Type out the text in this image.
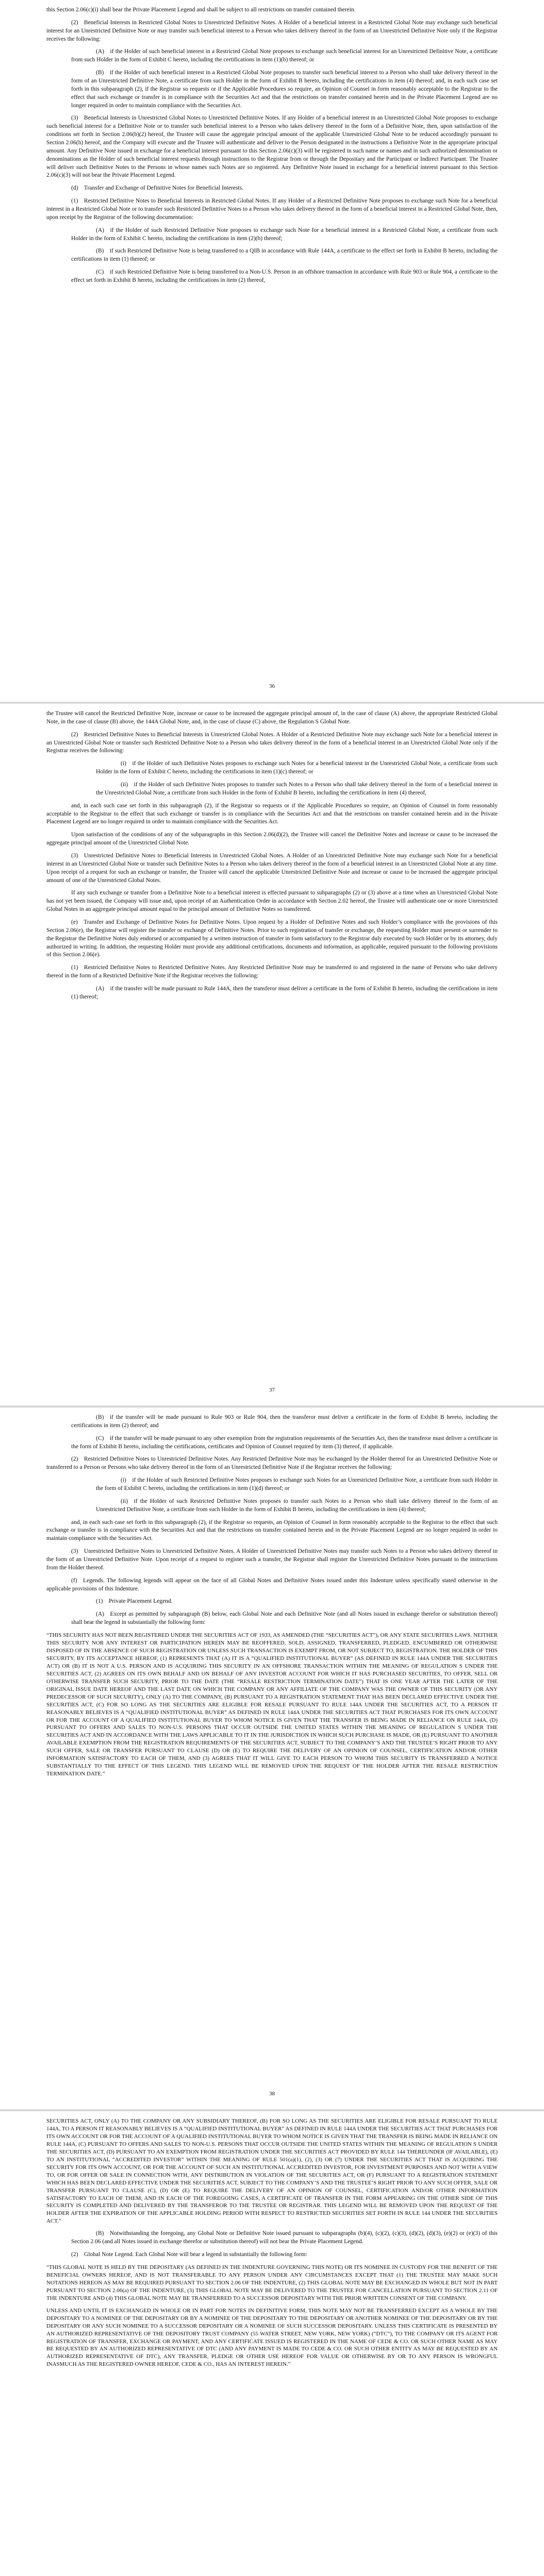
this Section 2.06(c)(i) shall bear the Private Placement Legend and shall be subject to all restrictions on transfer contained therein.

(2) Beneficial Interests in Restricted Global Notes to Unrestricted Definitive Notes. A Holder of a beneficial interest in a Restricted Global Note may exchange such beneficial interest for an Unrestricted Definitive Note or may transfer such beneficial interest to a Person who takes delivery thereof in the form of an Unrestricted Definitive Note only if the Registrar receives the following:

(A) if the Holder of such beneficial interest in a Restricted Global Note proposes to exchange such beneficial interest for an Unrestricted Definitive Note, a certificate from such Holder in the form of Exhibit C hereto, including the certifications in item (1)(b) thereof; or

(B) if the Holder of such beneficial interest in a Restricted Global Note proposes to transfer such beneficial interest to a Person who shall take delivery thereof in the form of an Unrestricted Definitive Note, a certificate from such Holder in the form of Exhibit B hereto, including the certifications in item (4) thereof; and, in each such case set forth in this subparagraph (2), if the Registrar so requests or if the Applicable Procedures so require, an Opinion of Counsel in form reasonably acceptable to the Registrar to the effect that such exchange or transfer is in compliance with the Securities Act and that the restrictions on transfer contained herein and in the Private Placement Legend are no longer required in order to maintain compliance with the Securities Act.

(3) Beneficial Interests in Unrestricted Global Notes to Unrestricted Definitive Notes. If any Holder of a beneficial interest in an Unrestricted Global Note proposes to exchange such beneficial interest for a Definitive Note or to transfer such beneficial interest to a Person who takes delivery thereof in the form of a Definitive Note, then, upon satisfaction of the conditions set forth in Section 2.06(b)(2) hereof, the Trustee will cause the aggregate principal amount of the applicable Unrestricted Global Note to be reduced accordingly pursuant to Section 2.06(h) hereof, and the Company will execute and the Trustee will authenticate and deliver to the Person designated in the instructions a Definitive Note in the appropriate principal amount. Any Definitive Note issued in exchange for a beneficial interest pursuant to this Section 2.06(c)(3) will be registered in such name or names and in such authorized denomination or denominations as the Holder of such beneficial interest requests through instructions to the Registrar from or through the Depositary and the Participant or Indirect Participant. The Trustee will deliver such Definitive Notes to the Persons in whose names such Notes are so registered. Any Definitive Note issued in exchange for a beneficial interest pursuant to this Section 2.06(c)(3) will not bear the Private Placement Legend.

(d) Transfer and Exchange of Definitive Notes for Beneficial Interests.

(1) Restricted Definitive Notes to Beneficial Interests in Restricted Global Notes. If any Holder of a Restricted Definitive Note proposes to exchange such Note for a beneficial interest in a Restricted Global Note or to transfer such Restricted Definitive Notes to a Person who takes delivery thereof in the form of a beneficial interest in a Restricted Global Note, then, upon receipt by the Registrar of the following documentation:

(A) if the Holder of such Restricted Definitive Note proposes to exchange such Note for a beneficial interest in a Restricted Global Note, a certificate from such Holder in the form of Exhibit C hereto, including the certifications in item (2)(b) thereof;

(B) if such Restricted Definitive Note is being transferred to a QIB in accordance with Rule 144A, a certificate to the effect set forth in Exhibit B hereto, including the certifications in item (1) thereof; or

(C) if such Restricted Definitive Note is being transferred to a Non-U.S. Person in an offshore transaction in accordance with Rule 903 or Rule 904, a certificate to the effect set forth in Exhibit B hereto, including the certifications in item (2) thereof,

36

the Trustee will cancel the Restricted Definitive Note, increase or cause to be increased the aggregate principal amount of, in the case of clause (A) above, the appropriate Restricted Global Note, in the case of clause (B) above, the 144A Global Note, and, in the case of clause (C) above, the Regulation S Global Note.

(2) Restricted Definitive Notes to Beneficial Interests in Unrestricted Global Notes. A Holder of a Restricted Definitive Note may exchange such Note for a beneficial interest in an Unrestricted Global Note or transfer such Restricted Definitive Note to a Person who takes delivery thereof in the form of a beneficial interest in an Unrestricted Global Note only if the Registrar receives the following:

(i) if the Holder of such Definitive Notes proposes to exchange such Notes for a beneficial interest in the Unrestricted Global Note, a certificate from such Holder in the form of Exhibit C hereto, including the certifications in item (1)(c) thereof; or

(ii) if the Holder of such Definitive Notes proposes to transfer such Notes to a Person who shall take delivery thereof in the form of a beneficial interest in the Unrestricted Global Note, a certificate from such Holder in the form of Exhibit B hereto, including the certifications in item (4) thereof,

and, in each such case set forth in this subparagraph (2), if the Registrar so requests or if the Applicable Procedures so require, an Opinion of Counsel in form reasonably acceptable to the Registrar to the effect that such exchange or transfer is in compliance with the Securities Act and that the restrictions on transfer contained herein and in the Private Placement Legend are no longer required in order to maintain compliance with the Securities Act.

Upon satisfaction of the conditions of any of the subparagraphs in this Section 2.06(d)(2), the Trustee will cancel the Definitive Notes and increase or cause to be increased the aggregate principal amount of the Unrestricted Global Note.

(3) Unrestricted Definitive Notes to Beneficial Interests in Unrestricted Global Notes. A Holder of an Unrestricted Definitive Note may exchange such Note for a beneficial interest in an Unrestricted Global Note or transfer such Definitive Notes to a Person who takes delivery thereof in the form of a beneficial interest in an Unrestricted Global Note at any time. Upon receipt of a request for such an exchange or transfer, the Trustee will cancel the applicable Unrestricted Definitive Note and increase or cause to be increased the aggregate principal amount of one of the Unrestricted Global Notes.

If any such exchange or transfer from a Definitive Note to a beneficial interest is effected pursuant to subparagraphs (2) or (3) above at a time when an Unrestricted Global Note has not yet been issued, the Company will issue and, upon receipt of an Authentication Order in accordance with Section 2.02 hereof, the Trustee will authenticate one or more Unrestricted Global Notes in an aggregate principal amount equal to the principal amount of Definitive Notes so transferred.

(e) Transfer and Exchange of Definitive Notes for Definitive Notes. Upon request by a Holder of Definitive Notes and such Holder’s compliance with the provisions of this Section 2.06(e), the Registrar will register the transfer or exchange of Definitive Notes. Prior to such registration of transfer or exchange, the requesting Holder must present or surrender to the Registrar the Definitive Notes duly endorsed or accompanied by a written instruction of transfer in form satisfactory to the Registrar duly executed by such Holder or by its attorney, duly authorized in writing. In addition, the requesting Holder must provide any additional certifications, documents and information, as applicable, required pursuant to the following provisions of this Section 2.06(e).

(1) Restricted Definitive Notes to Restricted Definitive Notes. Any Restricted Definitive Note may be transferred to and registered in the name of Persons who take delivery thereof in the form of a Restricted Definitive Note if the Registrar receives the following:

(A) if the transfer will be made pursuant to Rule 144A, then the transferor must deliver a certificate in the form of Exhibit B hereto, including the certifications in item (1) thereof;

37

(B) if the transfer will be made pursuant to Rule 903 or Rule 904, then the transferor must deliver a certificate in the form of Exhibit B hereto, including the certifications in item (2) thereof; and

(C) if the transfer will be made pursuant to any other exemption from the registration requirements of the Securities Act, then the transferor must deliver a certificate in the form of Exhibit B hereto, including the certifications, certificates and Opinion of Counsel required by item (3) thereof, if applicable.

(2) Restricted Definitive Notes to Unrestricted Definitive Notes. Any Restricted Definitive Note may be exchanged by the Holder thereof for an Unrestricted Definitive Note or transferred to a Person or Persons who take delivery thereof in the form of an Unrestricted Definitive Note if the Registrar receives the following:

(i) if the Holder of such Restricted Definitive Notes proposes to exchange such Notes for an Unrestricted Definitive Note, a certificate from such Holder in the form of Exhibit C hereto, including the certifications in item (1)(d) thereof; or

(ii) if the Holder of such Restricted Definitive Notes proposes to transfer such Notes to a Person who shall take delivery thereof in the form of an Unrestricted Definitive Note, a certificate from such Holder in the form of Exhibit B hereto, including the certifications in item (4) thereof;

and, in each such case set forth in this subparagraph (2), if the Registrar so requests, an Opinion of Counsel in form reasonably acceptable to the Registrar to the effect that such exchange or transfer is in compliance with the Securities Act and that the restrictions on transfer contained herein and in the Private Placement Legend are no longer required in order to maintain compliance with the Securities Act.

(3) Unrestricted Definitive Notes to Unrestricted Definitive Notes. A Holder of Unrestricted Definitive Notes may transfer such Notes to a Person who takes delivery thereof in the form of an Unrestricted Definitive Note. Upon receipt of a request to register such a transfer, the Registrar shall register the Unrestricted Definitive Notes pursuant to the instructions from the Holder thereof.

(f) Legends. The following legends will appear on the face of all Global Notes and Definitive Notes issued under this Indenture unless specifically stated otherwise in the applicable provisions of this Indenture.

(1) Private Placement Legend.

(A) Except as permitted by subparagraph (B) below, each Global Note and each Definitive Note (and all Notes issued in exchange therefor or substitution thereof) shall bear the legend in substantially the following form:

“THIS SECURITY HAS NOT BEEN REGISTERED UNDER THE SECURITIES ACT OF 1933, AS AMENDED (THE “SECURITIES ACT”), OR ANY STATE SECURITIES LAWS. NEITHER THIS SECURITY NOR ANY INTEREST OR PARTICIPATION HEREIN MAY BE REOFFERED, SOLD, ASSIGNED, TRANSFERRED, PLEDGED, ENCUMBERED OR OTHERWISE DISPOSED OF IN THE ABSENCE OF SUCH REGISTRATION OR UNLESS SUCH TRANSACTION IS EXEMPT FROM, OR NOT SUBJECT TO, REGISTRATION. THE HOLDER OF THIS SECURITY, BY ITS ACCEPTANCE HEREOF, (1) REPRESENTS THAT (A) IT IS A “QUALIFIED INSTITUTIONAL BUYER” (AS DEFINED IN RULE 144A UNDER THE SECURITIES ACT) OR (B) IT IS NOT A U.S. PERSON AND IS ACQUIRING THIS SECURITY IN AN OFFSHORE TRANSACTION WITHIN THE MEANING OF REGULATION S UNDER THE SECURITIES ACT, (2) AGREES ON ITS OWN BEHALF AND ON BEHALF OF ANY INVESTOR ACCOUNT FOR WHICH IT HAS PURCHASED SECURITIES, TO OFFER, SELL OR OTHERWISE TRANSFER SUCH SECURITY, PRIOR TO THE DATE (THE “RESALE RESTRICTION TERMINATION DATE”) THAT IS ONE YEAR AFTER THE LATER OF THE ORIGINAL ISSUE DATE HEREOF AND THE LAST DATE ON WHICH THE COMPANY OR ANY AFFILIATE OF THE COMPANY WAS THE OWNER OF THIS SECURITY (OR ANY PREDECESSOR OF SUCH SECURITY), ONLY (A) TO THE COMPANY, (B) PURSUANT TO A REGISTRATION STATEMENT THAT HAS BEEN DECLARED EFFECTIVE UNDER THE SECURITIES ACT, (C) FOR SO LONG AS THE SECURITIES ARE ELIGIBLE FOR RESALE PURSUANT TO RULE 144A UNDER THE SECURITIES ACT, TO A PERSON IT REASONABLY BELIEVES IS A “QUALIFIED INSTITUTIONAL BUYER” AS DEFINED IN RULE 144A UNDER THE SECURITIES ACT THAT PURCHASES FOR ITS OWN ACCOUNT OR FOR THE ACCOUNT OF A QUALIFIED INSTITUTIONAL BUYER TO WHOM NOTICE IS GIVEN THAT THE TRANSFER IS BEING MADE IN RELIANCE ON RULE 144A, (D) PURSUANT TO OFFERS AND SALES TO NON-U.S. PERSONS THAT OCCUR OUTSIDE THE UNITED STATES WITHIN THE MEANING OF REGULATION S UNDER THE SECURITIES ACT AND IN ACCORDANCE WITH THE LAWS APPLICABLE TO IT IN THE JURISDICTION IN WHICH SUCH PURCHASE IS MADE, OR (E) PURSUANT TO ANOTHER AVAILABLE EXEMPTION FROM THE REGISTRATION REQUIREMENTS OF THE SECURITIES ACT, SUBJECT TO THE COMPANY’S AND THE TRUSTEE’S RIGHT PRIOR TO ANY SUCH OFFER, SALE OR TRANSFER PURSUANT TO CLAUSE (D) OR (E) TO REQUIRE THE DELIVERY OF AN OPINION OF COUNSEL, CERTIFICATION AND/OR OTHER INFORMATION SATISFACTORY TO EACH OF THEM, AND (3) AGREES THAT IT WILL GIVE TO EACH PERSON TO WHOM THIS SECURITY IS TRANSFERRED A NOTICE SUBSTANTIALLY TO THE EFFECT OF THIS LEGEND. THIS LEGEND WILL BE REMOVED UPON THE REQUEST OF THE HOLDER AFTER THE RESALE RESTRICTION TERMINATION DATE.”

38

SECURITIES ACT, ONLY (A) TO THE COMPANY OR ANY SUBSIDIARY THEREOF, (B) FOR SO LONG AS THE SECURITIES ARE ELIGIBLE FOR RESALE PURSUANT TO RULE 144A, TO A PERSON IT REASONABLY BELIEVES IS A “QUALIFIED INSTITUTIONAL BUYER” AS DEFINED IN RULE 144A UNDER THE SECURITIES ACT THAT PURCHASES FOR ITS OWN ACCOUNT OR FOR THE ACCOUNT OF A QUALIFIED INSTITUTIONAL BUYER TO WHOM NOTICE IS GIVEN THAT THE TRANSFER IS BEING MADE IN RELIANCE ON RULE 144A, (C) PURSUANT TO OFFERS AND SALES TO NON-U.S. PERSONS THAT OCCUR OUTSIDE THE UNITED STATES WITHIN THE MEANING OF REGULATION S UNDER THE SECURITIES ACT, (D) PURSUANT TO AN EXEMPTION FROM REGISTRATION UNDER THE SECURITIES ACT PROVIDED BY RULE 144 THEREUNDER (IF AVAILABLE), (E) TO AN INSTITUTIONAL “ACCREDITED INVESTOR” WITHIN THE MEANING OF RULE 501(a)(1), (2), (3) OR (7) UNDER THE SECURITIES ACT THAT IS ACQUIRING THE SECURITY FOR ITS OWN ACCOUNT, OR FOR THE ACCOUNT OF SUCH AN INSTITUTIONAL ACCREDITED INVESTOR, FOR INVESTMENT PURPOSES AND NOT WITH A VIEW TO, OR FOR OFFER OR SALE IN CONNECTION WITH, ANY DISTRIBUTION IN VIOLATION OF THE SECURITIES ACT, OR (F) PURSUANT TO A REGISTRATION STATEMENT WHICH HAS BEEN DECLARED EFFECTIVE UNDER THE SECURITIES ACT, SUBJECT TO THE COMPANY’S AND THE TRUSTEE’S RIGHT PRIOR TO ANY SUCH OFFER, SALE OR TRANSFER PURSUANT TO CLAUSE (C), (D) OR (E) TO REQUIRE THE DELIVERY OF AN OPINION OF COUNSEL, CERTIFICATION AND/OR OTHER INFORMATION SATISFACTORY TO EACH OF THEM, AND IN EACH OF THE FOREGOING CASES, A CERTIFICATE OF TRANSFER IN THE FORM APPEARING ON THE OTHER SIDE OF THIS SECURITY IS COMPLETED AND DELIVERED BY THE TRANSFEROR TO THE TRUSTEE OR REGISTRAR. THIS LEGEND WILL BE REMOVED UPON THE REQUEST OF THE HOLDER AFTER THE EXPIRATION OF THE APPLICABLE HOLDING PERIOD WITH RESPECT TO RESTRICTED SECURITIES SET FORTH IN RULE 144 UNDER THE SECURITIES ACT.”

(B) Notwithstanding the foregoing, any Global Note or Definitive Note issued pursuant to subparagraphs (b)(4), (c)(2), (c)(3), (d)(2), (d)(3), (e)(2) or (e)(3) of this Section 2.06 (and all Notes issued in exchange therefor or substitution thereof) will not bear the Private Placement Legend.

(2) Global Note Legend. Each Global Note will bear a legend in substantially the following form:

“THIS GLOBAL NOTE IS HELD BY THE DEPOSITARY (AS DEFINED IN THE INDENTURE GOVERNING THIS NOTE) OR ITS NOMINEE IN CUSTODY FOR THE BENEFIT OF THE BENEFICIAL OWNERS HEREOF, AND IS NOT TRANSFERABLE TO ANY PERSON UNDER ANY CIRCUMSTANCES EXCEPT THAT (1) THE TRUSTEE MAY MAKE SUCH NOTATIONS HEREON AS MAY BE REQUIRED PURSUANT TO SECTION 2.06 OF THE INDENTURE, (2) THIS GLOBAL NOTE MAY BE EXCHANGED IN WHOLE BUT NOT IN PART PURSUANT TO SECTION 2.06(a) OF THE INDENTURE, (3) THIS GLOBAL NOTE MAY BE DELIVERED TO THE TRUSTEE FOR CANCELLATION PURSUANT TO SECTION 2.11 OF THE INDENTURE AND (4) THIS GLOBAL NOTE MAY BE TRANSFERRED TO A SUCCESSOR DEPOSITARY WITH THE PRIOR WRITTEN CONSENT OF THE COMPANY.

UNLESS AND UNTIL IT IS EXCHANGED IN WHOLE OR IN PART FOR NOTES IN DEFINITIVE FORM, THIS NOTE MAY NOT BE TRANSFERRED EXCEPT AS A WHOLE BY THE DEPOSITARY TO A NOMINEE OF THE DEPOSITARY OR BY A NOMINEE OF THE DEPOSITARY TO THE DEPOSITARY OR ANOTHER NOMINEE OF THE DEPOSITARY OR BY THE DEPOSITARY OR ANY SUCH NOMINEE TO A SUCCESSOR DEPOSITARY OR A NOMINEE OF SUCH SUCCESSOR DEPOSITARY. UNLESS THIS CERTIFICATE IS PRESENTED BY AN AUTHORIZED REPRESENTATIVE OF THE DEPOSITORY TRUST COMPANY (55 WATER STREET, NEW YORK, NEW YORK) (“DTC”), TO THE COMPANY OR ITS AGENT FOR REGISTRATION OF TRANSFER, EXCHANGE OR PAYMENT, AND ANY CERTIFICATE ISSUED IS REGISTERED IN THE NAME OF CEDE & CO. OR SUCH OTHER NAME AS MAY BE REQUESTED BY AN AUTHORIZED REPRESENTATIVE OF DTC (AND ANY PAYMENT IS MADE TO CEDE & CO. OR SUCH OTHER ENTITY AS MAY BE REQUESTED BY AN AUTHORIZED REPRESENTATIVE OF DTC), ANY TRANSFER, PLEDGE OR OTHER USE HEREOF FOR VALUE OR OTHERWISE BY OR TO ANY PERSON IS WRONGFUL INASMUCH AS THE REGISTERED OWNER HEREOF, CEDE & CO., HAS AN INTEREST HEREIN.”
